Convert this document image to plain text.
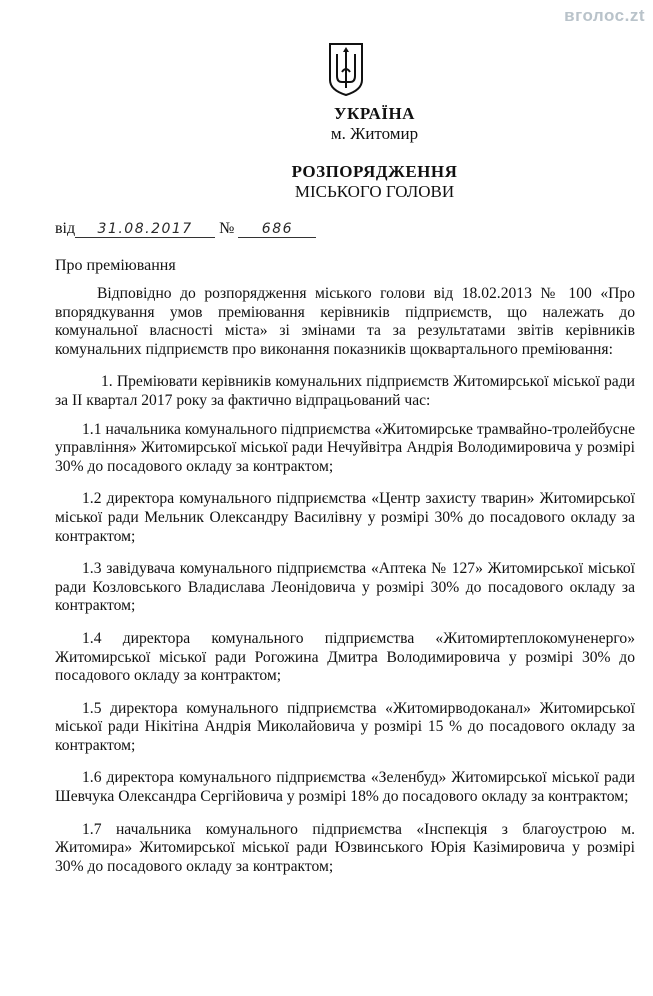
вголос.zt
УКРАЇНА
м. Житомир
РОЗПОРЯДЖЕННЯ
МІСЬКОГО ГОЛОВИ
від 31.08.2017 № 686
Про преміювання

Відповідно до розпорядження міського голови від 18.02.2013 № 100 «Про впорядкування умов преміювання керівників підприємств, що належать до комунальної власності міста» зі змінами та за результатами звітів керівників комунальних підприємств про виконання показників щоквартального преміювання:

1. Преміювати керівників комунальних підприємств Житомирської міської ради за ІІ квартал 2017 року за фактично відпрацьований час:

1.1 начальника комунального підприємства «Житомирське трамвайно-тролейбусне управління» Житомирської міської ради Нечуйвітра Андрія Володимировича у розмірі 30% до посадового окладу за контрактом;

1.2 директора комунального підприємства «Центр захисту тварин» Житомирської міської ради Мельник Олександру Василівну у розмірі 30% до посадового окладу за контрактом;

1.3 завідувача комунального підприємства «Аптека № 127» Житомирської міської ради Козловського Владислава Леонідовича у розмірі 30% до посадового окладу за контрактом;

1.4 директора комунального підприємства «Житомиртеплокомуненерго» Житомирської міської ради Рогожина Дмитра Володимировича у розмірі 30% до посадового окладу за контрактом;

1.5 директора комунального підприємства «Житомирводоканал» Житомирської міської ради Нікітіна Андрія Миколайовича у розмірі 15 % до посадового окладу за контрактом;

1.6 директора комунального підприємства «Зеленбуд» Житомирської міської ради Шевчука Олександра Сергійовича у розмірі 18% до посадового окладу за контрактом;

1.7 начальника комунального підприємства «Інспекція з благоустрою м. Житомира» Житомирської міської ради Юзвинського Юрія Казімировича у розмірі 30% до посадового окладу за контрактом;
